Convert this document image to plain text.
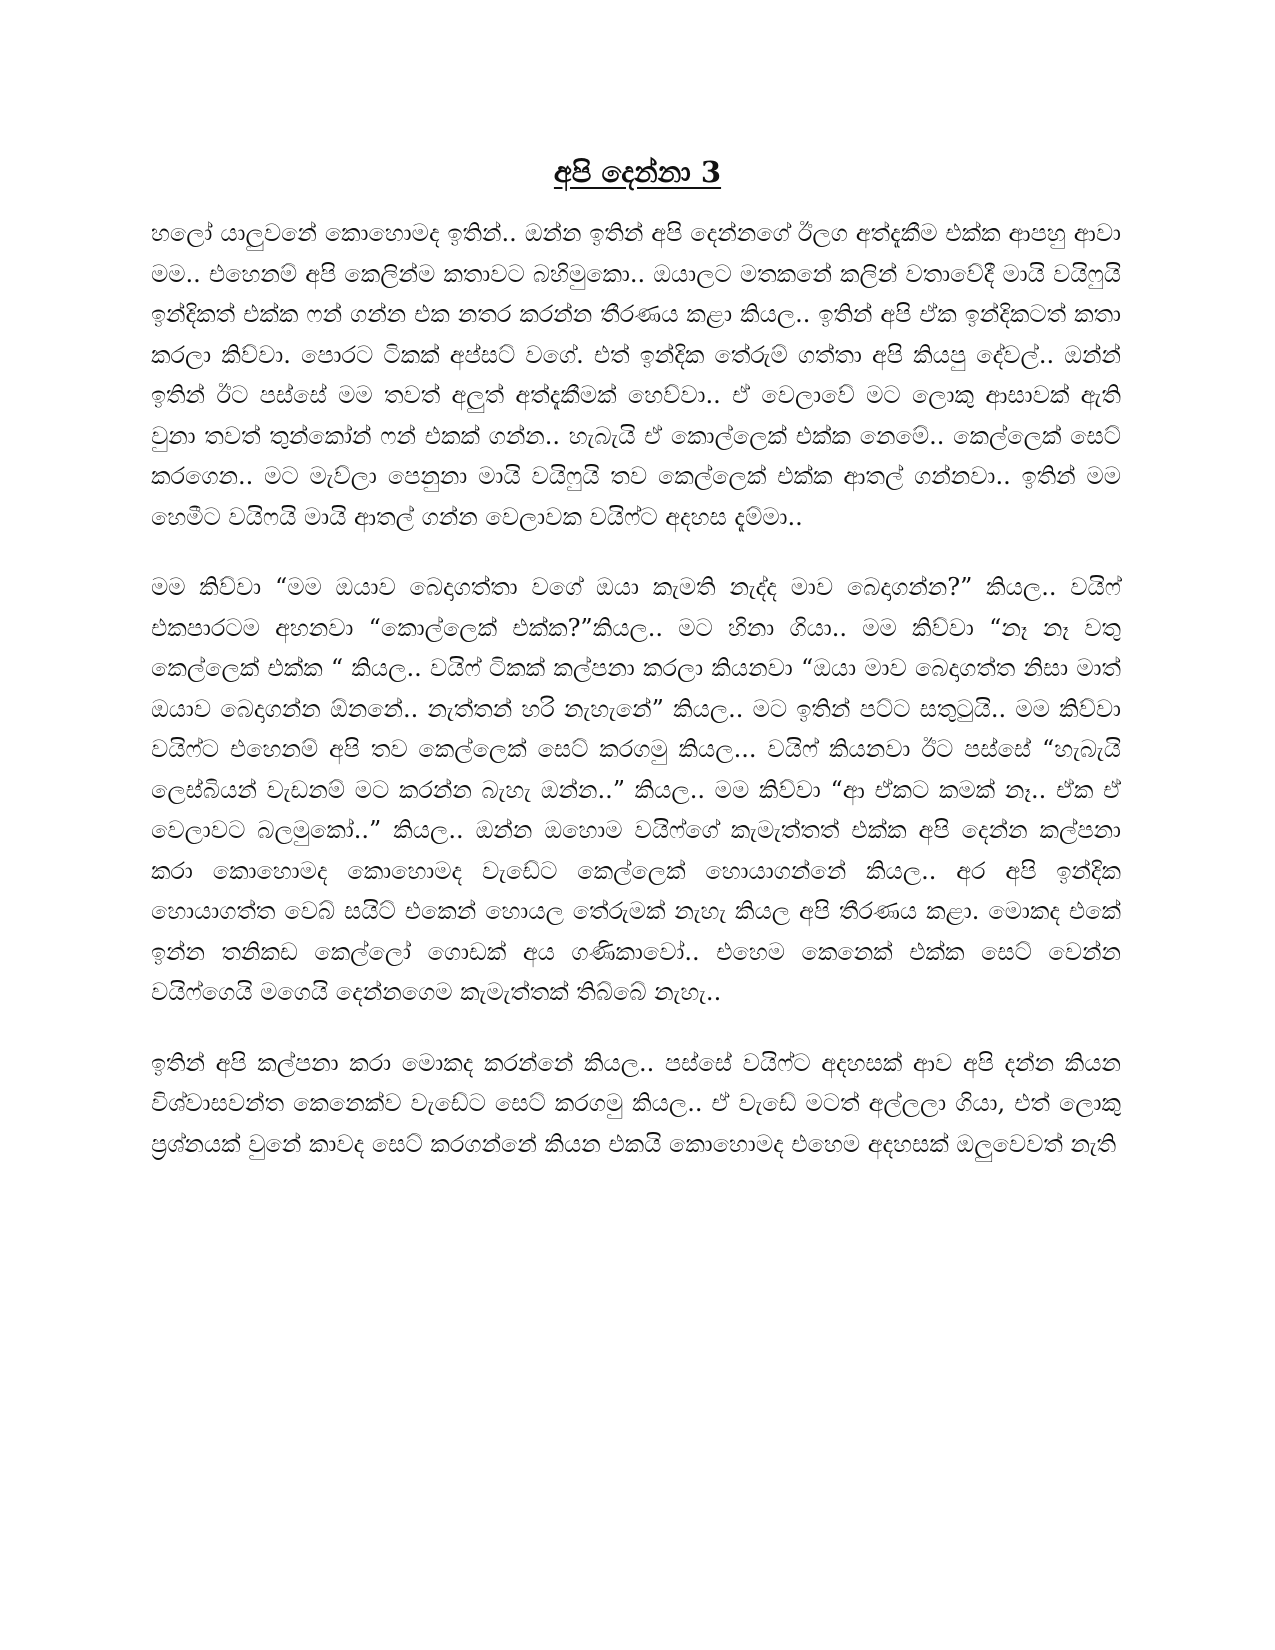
අපි දෙන්නා 3

හලෝ යාලුවනේ කොහොමද ඉතින්.. ඔන්න ඉතින් අපි දෙන්නගේ ඊලග අත්දැකීම එක්ක ආපහු ආවා මම.. එහෙනම් අපි කෙලින්ම කතාවට බහිමුකො.. ඔයාලට මතකනේ කලින් වතාවේදී මායි වයිෆුයි ඉන්දිකත් එක්ක ෆන් ගන්න එක නතර කරන්න තීරණය කළා කියල.. ඉතින් අපි ඒක ඉන්දිකටත් කතා කරලා කිව්වා. පොරට ටිකක් අප්සට් වගේ. එත් ඉන්දික තේරුම් ගත්තා අපි කියපු දේවල්.. ඔන්න් ඉතින් ඊට පස්සේ මම තවත් අලුත් අත්දැකීමක් හෙව්වා.. ඒ වෙලාවේ මට ලොකු ආසාවක් ඇති වුනා තවත් තුන්කෝන් ෆන් එකක් ගන්න.. හැබැයි ඒ කොල්ලෙක් එක්ක නෙමේ.. කෙල්ලෙක් සෙට් කරගෙන.. මට මැව්ලා පෙනුනා මායි වයිෆුයි තව කෙල්ලෙක් එක්ක ආතල් ගන්නවා.. ඉතින් මම හෙමීට වයිෆයි මායි ආතල් ගන්න වෙලාවක වයිෆ්ට අදහස දැම්මා..

මම කිව්වා “මම ඔයාව බෙදාගත්තා වගේ ඔයා කැමති නැද්ද මාව බෙදාගන්න?” කියල.. වයිෆ් එකපාරටම අහනවා “කොල්ලෙක් එක්ක?”කියල.. මට හිනා ගියා.. මම කිව්වා “නෑ නෑ වතු කෙල්ලෙක් එක්ක “ කියල.. වයිෆ් ටිකක් කල්පනා කරලා කියනවා “ඔයා මාව බෙදාගත්ත නිසා මාත් ඔයාව බෙදාගන්න ඕනනේ.. නැත්තන් හරි නැහැනේ” කියල.. මට ඉතින් පට්ට සතුටුයි.. මම කිව්වා වයිෆ්ට එහෙනම් අපි තව කෙල්ලෙක් සෙට් කරගමු කියල... වයිෆ් කියනවා ඊට පස්සේ “හැබැයි ලෙස්බියන් වැඩනම් මට කරන්න බැහැ ඔන්න..” කියල.. මම කිව්වා “ආ ඒකට කමක් නෑ.. ඒක ඒ වෙලාවට බලමුකෝ..” කියල.. ඔන්න ඔහොම වයිෆ්ගේ කැමැත්තත් එක්ක අපි දෙන්න කල්පනා කරා කොහොමද කොහොමද වැඩේට කෙල්ලෙක් හොයාගන්නේ කියල.. අර අපි ඉන්දික හොයාගත්ත වෙබ් සයිට් එකෙන් හොයල තේරුමක් නැහැ කියල අපි තීරණය කළා. මොකද එකේ ඉන්න තනිකඩ කෙල්ලෝ ගොඩක් අය ගණිකාවෝ.. එහෙම කෙනෙක් එක්ක සෙට් වෙන්න වයිෆ්ගෙයි මගෙයි දෙන්නගෙම කැමැත්තක් තිබ්බේ නැහැ..

ඉතින් අපි කල්පනා කරා මොකද කරන්නේ කියල.. පස්සේ වයිෆ්ට අදහසක් ආව අපි දන්න කියන විශ්වාසවන්ත කෙනෙක්ව වැඩේට සෙට් කරගමු කියල.. ඒ වැඩේ මටත් අල්ලලා ගියා, එත් ලොකු ප්‍රශ්නයක් වුනේ කාවද සෙට් කරගන්නේ කියන එකයි කොහොමද එහෙම අදහසක් ඔලුවෙවත් නැති
